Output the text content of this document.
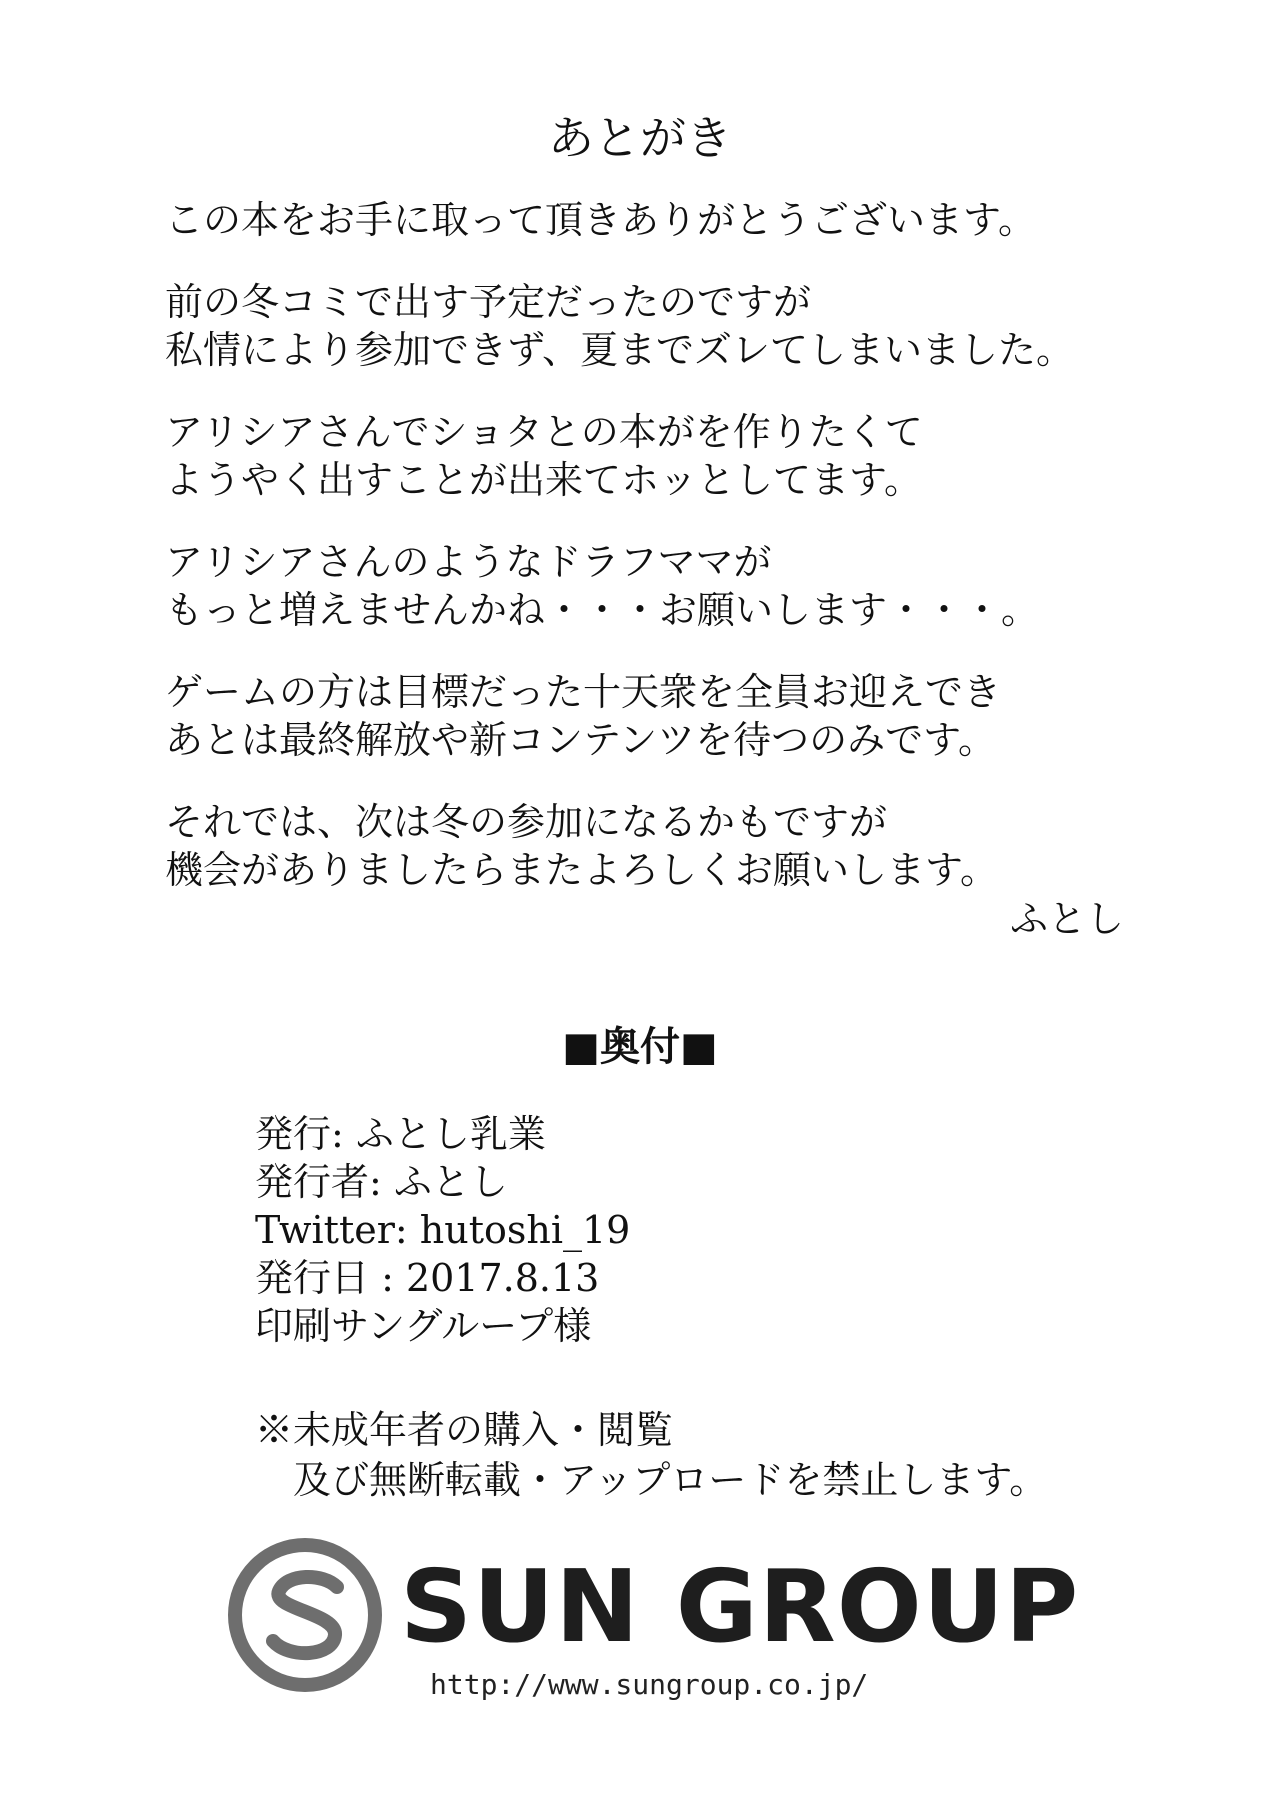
あとがき
この本をお手に取って頂きありがとうございます。
前の冬コミで出す予定だったのですが
私情により参加できず、夏までズレてしまいました。
アリシアさんでショタとの本がを作りたくて
ようやく出すことが出来てホッとしてます。
アリシアさんのようなドラフママが
もっと増えませんかね・・・お願いします・・・。
ゲームの方は目標だった十天衆を全員お迎えでき
あとは最終解放や新コンテンツを待つのみです。
それでは、次は冬の参加になるかもですが
機会がありましたらまたよろしくお願いします。
ふとし
■奥付■
発行: ふとし乳業
発行者: ふとし
Twitter: hutoshi_19
発行日 : 2017.8.13
印刷サングループ様
※未成年者の購入・閲覧
　及び無断転載・アップロードを禁止します。
SUN GROUP
http://www.sungroup.co.jp/
